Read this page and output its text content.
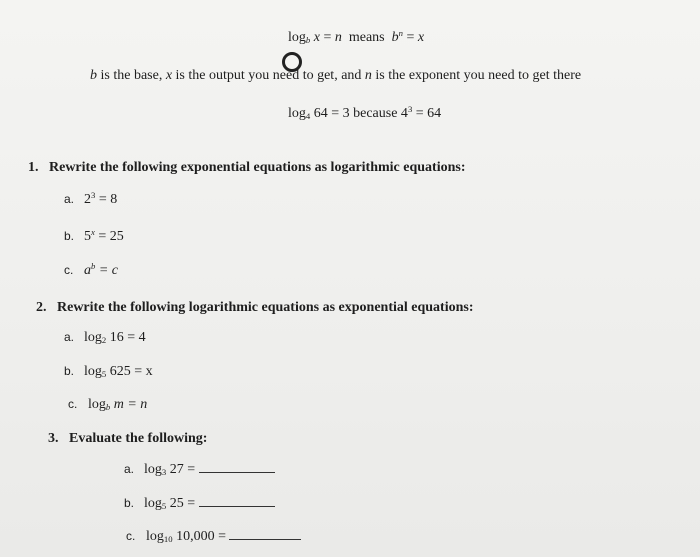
$\log_b x = n$ means $b^n = x$
b is the base, x is the output you need to get, and n is the exponent you need to get there
$\log_4 64 = 3$ because $4^3 = 64$
1. Rewrite the following exponential equations as logarithmic equations:
a. $2^3 = 8$
b. $5^x = 25$
c. $a^b = c$
2. Rewrite the following logarithmic equations as exponential equations:
a. $\log_2 16 = 4$
b. $\log_5 625 = x$
c. $\log_b m = n$
3. Evaluate the following:
a. $\log_3 27$ =
b. $\log_5 25$ =
c. $\log_{10} 10,000$ =
